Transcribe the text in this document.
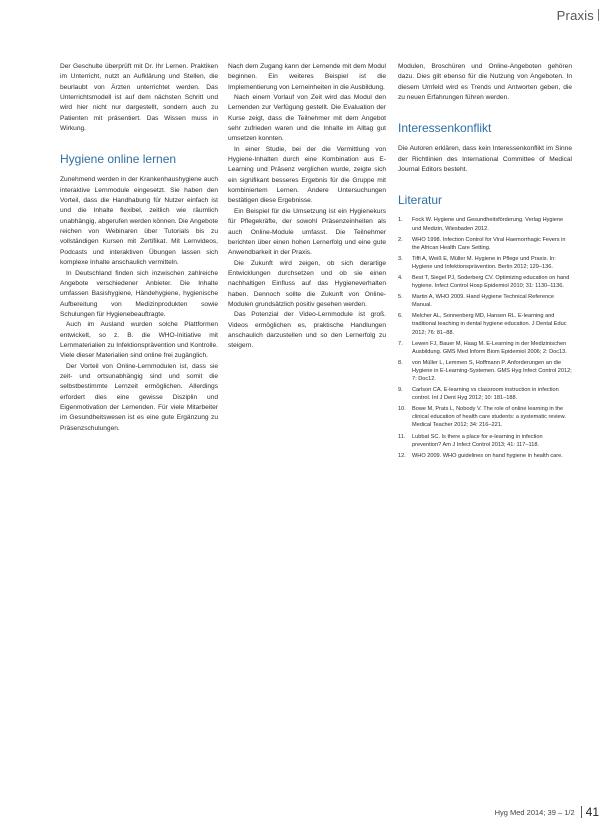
Praxis

Der Geschulte überprüft mit Dr. Ihr Lernen. Praktiken im Unterricht, nutzt an Aufklärung und Stellen, die beurlaubt von Ärzten unterrichtet werden. Das Unterrichtsmodell ist auf dem nächsten Schritt und wird hier nicht nur dargestellt, sondern auch zu Patienten mit präsentiert. Das Wissen muss in Wirkung.

Hygiene online lernen

Zunehmend werden in der Krankenhaushygiene auch interaktive Lernmodule eingesetzt. Sie haben den Vorteil, dass die Handhabung für Nutzer einfach ist und die Inhalte flexibel, zeitlich wie räumlich unabhängig, abgerufen werden können. Die Angebote reichen von Webinaren über Tutorials bis zu vollständigen Kursen mit Zertifikat. Mit Lernvideos, Podcasts und interaktiven Übungen lassen sich komplexe Inhalte anschaulich vermitteln.

In Deutschland finden sich inzwischen zahlreiche Angebote verschiedener Anbieter. Die Inhalte umfassen Basishygiene, Händehygiene, hygienische Aufbereitung von Medizinprodukten sowie Schulungen für Hygienebeauftragte.

Auch im Ausland wurden solche Plattformen entwickelt, so z. B. die WHO-Initiative mit Lernmaterialien zu Infektionsprävention und Kontrolle. Viele dieser Materialien sind online frei zugänglich.

Der Vorteil von Online-Lernmodulen ist, dass sie zeit- und ortsunabhängig sind und somit die selbstbestimmte Lernzeit ermöglichen. Allerdings erfordert dies eine gewisse Disziplin und Eigenmotivation der Lernenden. Für viele Mitarbeiter im Gesundheitswesen ist es eine gute Ergänzung zu Präsenzschulungen.

Nach dem Zugang kann der Lernende mit dem Modul beginnen. Ein weiteres Beispiel ist die Implementierung von Lerneinheiten in die Ausbildung.

Nach einem Vorlauf von Zeit wird das Modul den Lernenden zur Verfügung gestellt. Die Evaluation der Kurse zeigt, dass die Teilnehmer mit dem Angebot sehr zufrieden waren und die Inhalte im Alltag gut umsetzen konnten.

In einer Studie, bei der die Vermittlung von Hygiene-Inhalten durch eine Kombination aus E-Learning und Präsenz verglichen wurde, zeigte sich ein signifikant besseres Ergebnis für die Gruppe mit kombiniertem Lernen. Andere Untersuchungen bestätigen diese Ergebnisse.

Ein Beispiel für die Umsetzung ist ein Hygienekurs für Pflegekräfte, der sowohl Präsenzeinheiten als auch Online-Module umfasst. Die Teilnehmer berichten über einen hohen Lernerfolg und eine gute Anwendbarkeit in der Praxis.

Die Zukunft wird zeigen, ob sich derartige Entwicklungen durchsetzen und ob sie einen nachhaltigen Einfluss auf das Hygieneverhalten haben. Dennoch sollte die Zukunft von Online-Modulen grundsätzlich positiv gesehen werden.

Das Potenzial der Video-Lernmodule ist groß. Videos ermöglichen es, praktische Handlungen anschaulich darzustellen und so den Lernerfolg zu steigern.

Modulen, Broschüren und Online-Angeboten gehören dazu. Dies gilt ebenso für die Nutzung von Angeboten. In diesem Umfeld wird es Trends und Antworten geben, die zu neuen Erfahrungen führen werden.

Interessenkonflikt

Die Autoren erklären, dass kein Interessenkonflikt im Sinne der Richtlinien des International Committee of Medical Journal Editors besteht.

Literatur
1. Fock W. Hygiene und Gesundheitsförderung. Verlag Hygiene und Medizin, Wiesbaden 2012.
2. WHO 1998. Infection Control for Viral Haemorrhagic Fevers in the African Health Care Setting.
3. Tiffi A, Weiß E, Müller M. Hygiene in Pflege und Praxis. In: Hygiene und Infektionsprävention. Berlin 2012; 129–136.
4. Best T, Siegel PJ, Soderberg CV. Optimizing education on hand hygiene. Infect Control Hosp Epidemiol 2010; 31: 1130–1136.
5. Martin A, WHO 2009. Hand Hygiene Technical Reference Manual.
6. Melcher AL, Sonnenberg MD, Hansen RL. E-learning and traditional teaching in dental hygiene education. J Dental Educ 2012; 76: 81–88.
7. Lewen FJ, Bauer M, Haag M. E-Learning in der Medizinischen Ausbildung. GMS Med Inform Biom Epidemiol 2006; 2: Doc13.
8. von Müller L, Lemmen S, Hoffmann P. Anforderungen an die Hygiene in E-Learning-Systemen. GMS Hyg Infect Control 2012; 7: Doc12.
9. Carlson CA. E-learning vs classroom instruction in infection control. Int J Dent Hyg 2012; 10: 181–188.
10. Bowe M, Prats L, Nobody V. The role of online learning in the clinical education of health care students: a systematic review. Medical Teacher 2012; 34: 216–221.
11. Lubbat SC. Is there a place for e-learning in infection prevention? Am J Infect Control 2013; 41: 117–118.
12. WHO 2009. WHO guidelines on hand hygiene in health care.
Hyg Med 2014; 39 – 1/2 41
